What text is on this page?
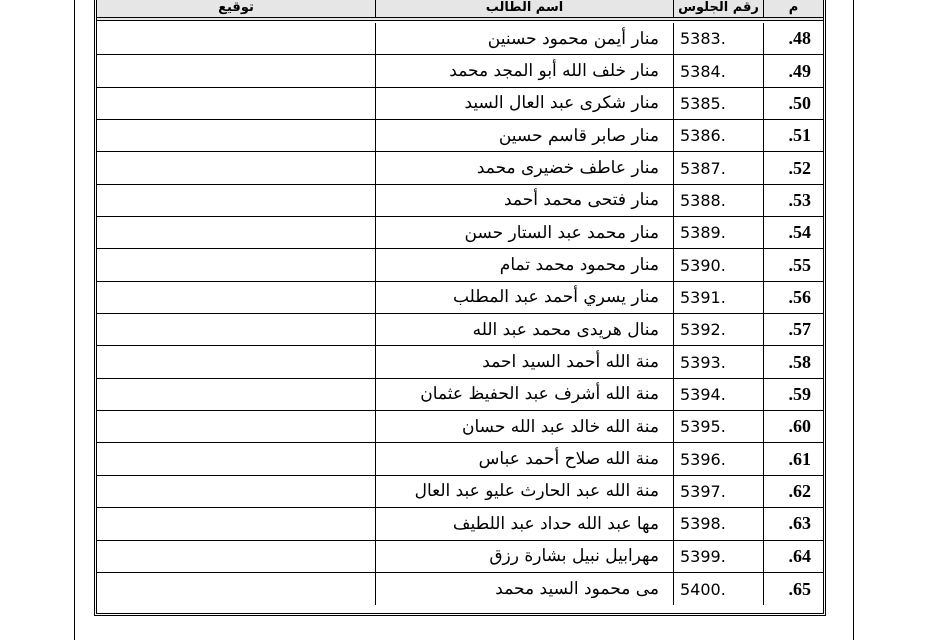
م
رقم الجلوس
اسم الطالب
توقيع
.48
5383.
منار أيمن محمود حسنين
.49
5384.
منار خلف الله أبو المجد محمد
.50
5385.
منار شكرى عبد العال السيد
.51
5386.
منار صابر قاسم حسين
.52
5387.
منار عاطف خضيرى محمد
.53
5388.
منار فتحى محمد أحمد
.54
5389.
منار محمد عبد الستار حسن
.55
5390.
منار محمود محمد تمام
.56
5391.
منار يسري أحمد عبد المطلب
.57
5392.
منال هريدى محمد عبد الله
.58
5393.
منة الله أحمد السيد احمد
.59
5394.
منة الله أشرف عبد الحفيظ عثمان
.60
5395.
منة الله خالد عبد الله حسان
.61
5396.
منة الله صلاح أحمد عباس
.62
5397.
منة الله عبد الحارث عليو عبد العال
.63
5398.
مها عبد الله حداد عبد اللطيف
.64
5399.
مهرابيل نبيل بشارة رزق
.65
5400.
مى محمود السيد محمد
